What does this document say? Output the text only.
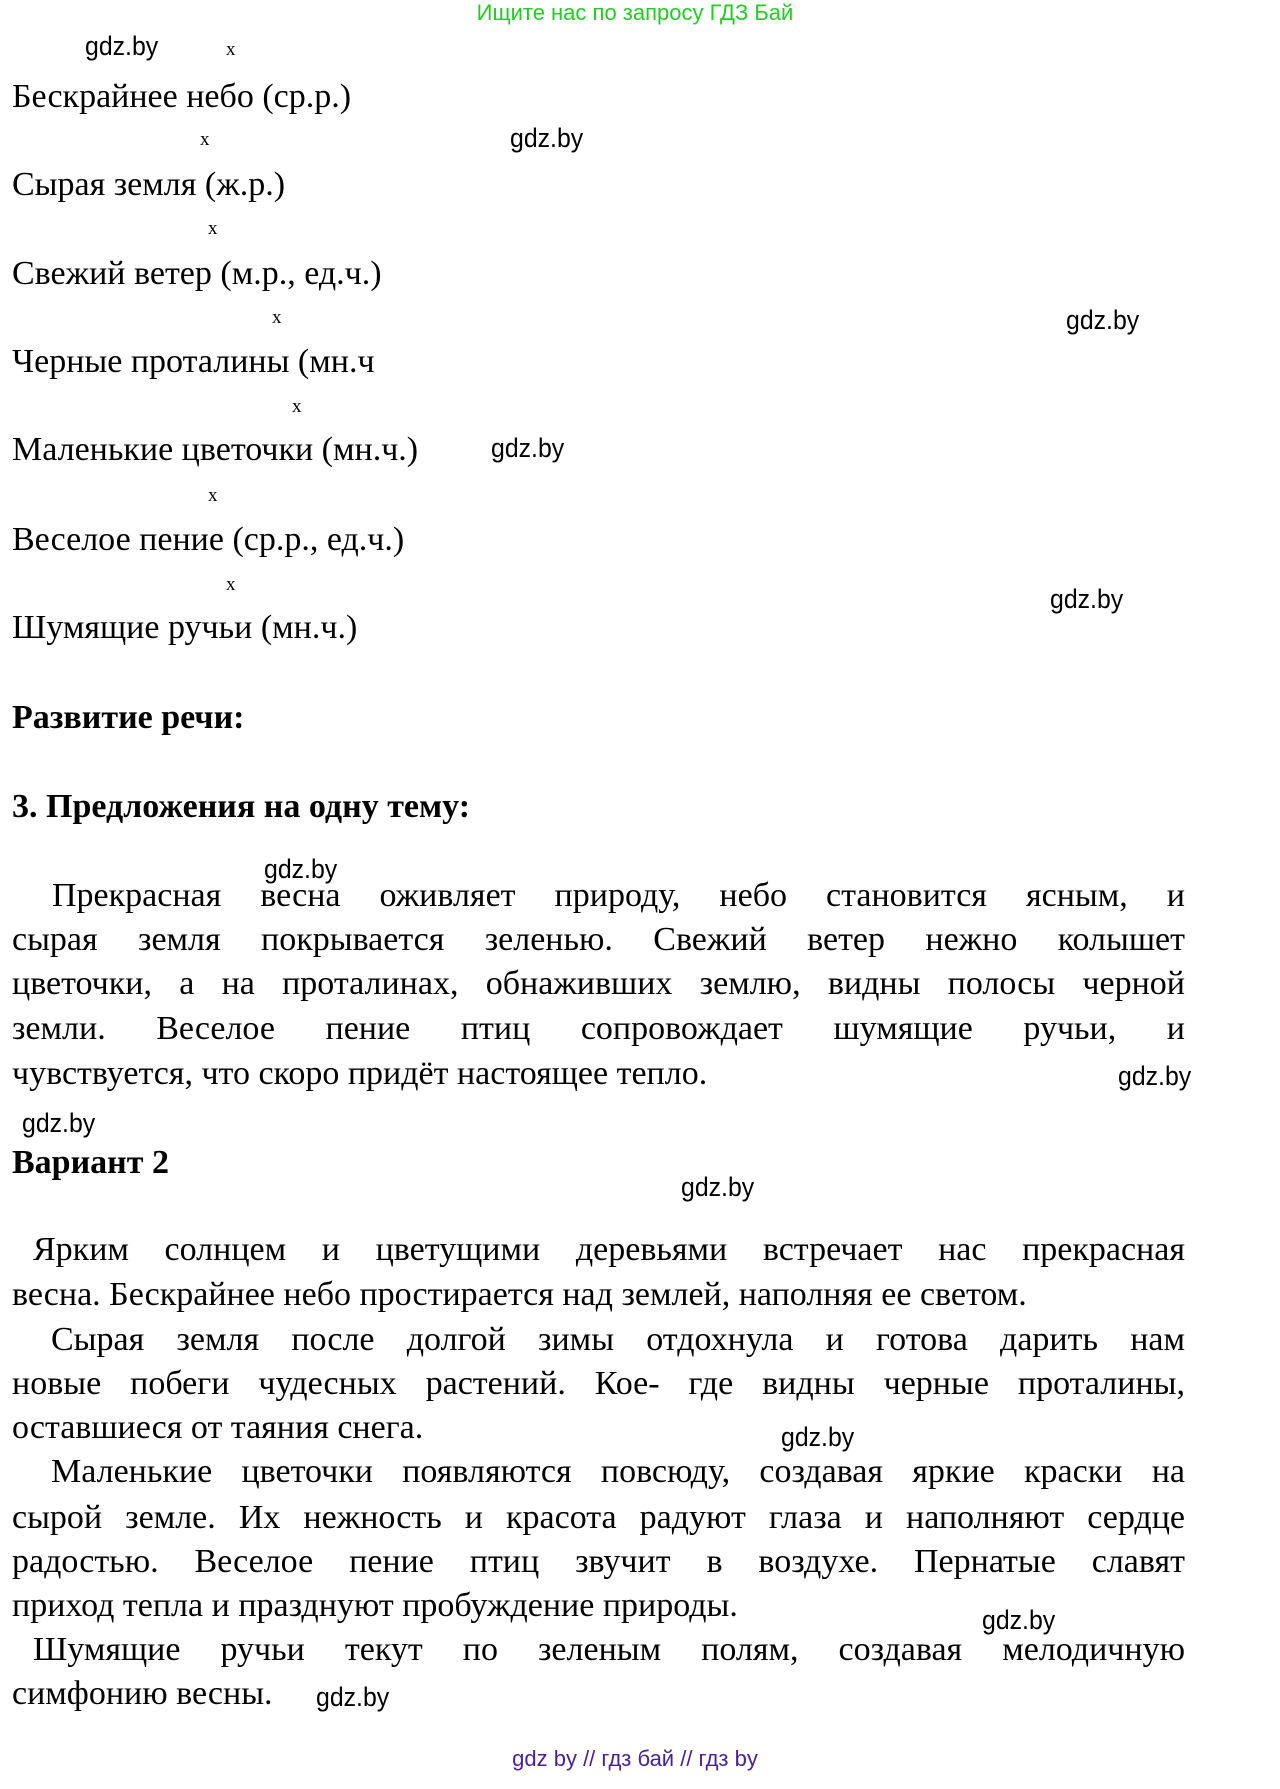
Ищите нас по запросу ГДЗ Бай
gdz.by	x
Бескрайнее небо (ср.р.)
x	gdz.by
Сырая земля (ж.р.)
x
Свежий ветер (м.р., ед.ч.)
x	gdz.by
Черные проталины (мн.ч
x
Маленькие цветочки (мн.ч.)	gdz.by
x
Веселое пение (ср.р., ед.ч.)
x	gdz.by
Шумящие ручьи (мн.ч.)
Развитие речи:
3. Предложения на одну тему:
gdz.by
Прекрасная весна оживляет природу, небо становится ясным, и
сырая земля покрывается зеленью. Свежий ветер нежно колышет
цветочки, а на проталинах, обнаживших землю, видны полосы черной
земли. Веселое пение птиц сопровождает шумящие ручьи, и
чувствуется, что скоро придёт настоящее тепло.	gdz.by
gdz.by
Вариант 2
gdz.by
Ярким солнцем и цветущими деревьями встречает нас прекрасная
весна. Бескрайнее небо простирается над землей, наполняя ее светом.
Сырая земля после долгой зимы отдохнула и готова дарить нам
новые побеги чудесных растений. Кое- где видны черные проталины,
оставшиеся от таяния снега.	gdz.by
Маленькие цветочки появляются повсюду, создавая яркие краски на
сырой земле. Их нежность и красота радуют глаза и наполняют сердце
радостью. Веселое пение птиц звучит в воздухе. Пернатые славят
приход тепла и празднуют пробуждение природы.	gdz.by
Шумящие ручьи текут по зеленым полям, создавая мелодичную
симфонию весны. gdz.by
gdz by // гдз бай // гдз by
